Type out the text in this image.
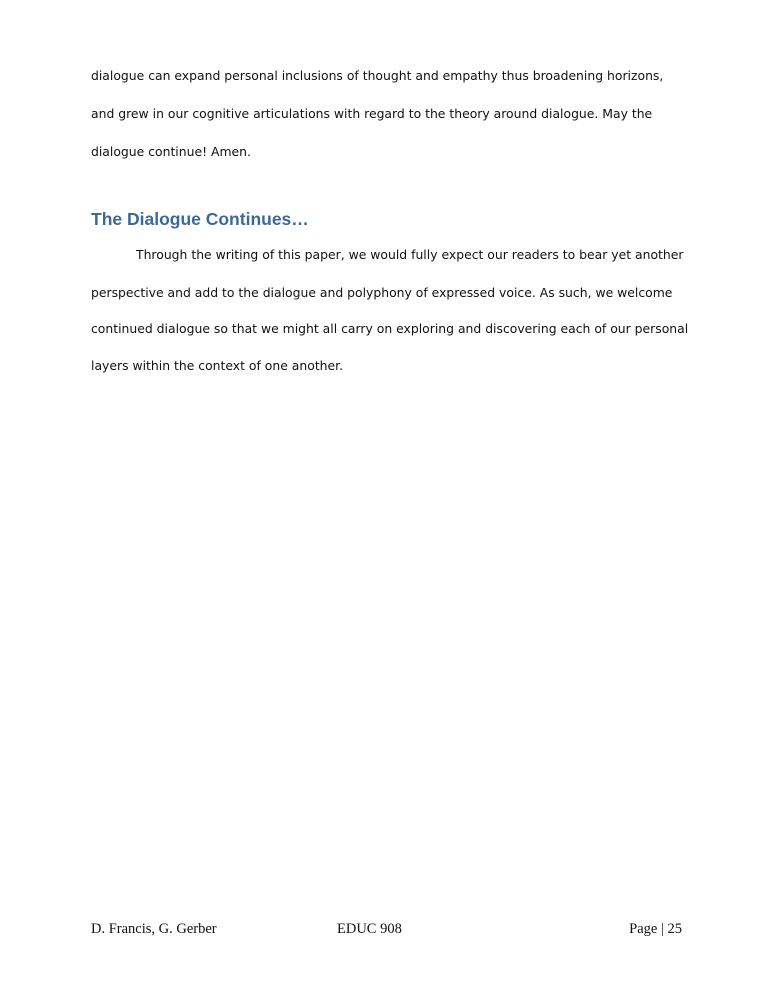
dialogue can expand personal inclusions of thought and empathy thus broadening horizons,
and grew in our cognitive articulations with regard to the theory around dialogue. May the
dialogue continue! Amen.
The Dialogue Continues…
Through the writing of this paper, we would fully expect our readers to bear yet another
perspective and add to the dialogue and polyphony of expressed voice. As such, we welcome
continued dialogue so that we might all carry on exploring and discovering each of our personal
layers within the context of one another.
D. Francis, G. Gerber	EDUC 908	Page | 25
